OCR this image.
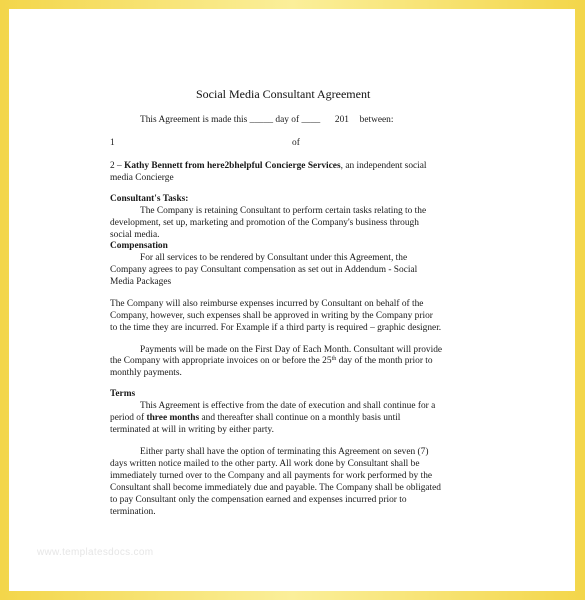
Social Media Consultant Agreement
This Agreement is made this _____ day of ____ 201 between:
1	of
2 – Kathy Bennett from here2bhelpful Concierge Services, an independent social
media Concierge
Consultant's Tasks:
The Company is retaining Consultant to perform certain tasks relating to the
development, set up, marketing and promotion of the Company's business through
social media.
Compensation
For all services to be rendered by Consultant under this Agreement, the
Company agrees to pay Consultant compensation as set out in Addendum - Social
Media Packages
The Company will also reimburse expenses incurred by Consultant on behalf of the
Company, however, such expenses shall be approved in writing by the Company prior
to the time they are incurred. For Example if a third party is required – graphic designer.
Payments will be made on the First Day of Each Month. Consultant will provide
the Company with appropriate invoices on or before the 25th day of the month prior to
monthly payments.
Terms
This Agreement is effective from the date of execution and shall continue for a
period of three months and thereafter shall continue on a monthly basis until
terminated at will in writing by either party.
Either party shall have the option of terminating this Agreement on seven (7)
days written notice mailed to the other party. All work done by Consultant shall be
immediately turned over to the Company and all payments for work performed by the
Consultant shall become immediately due and payable. The Company shall be obligated
to pay Consultant only the compensation earned and expenses incurred prior to
termination.
www.templatesdocs.com
